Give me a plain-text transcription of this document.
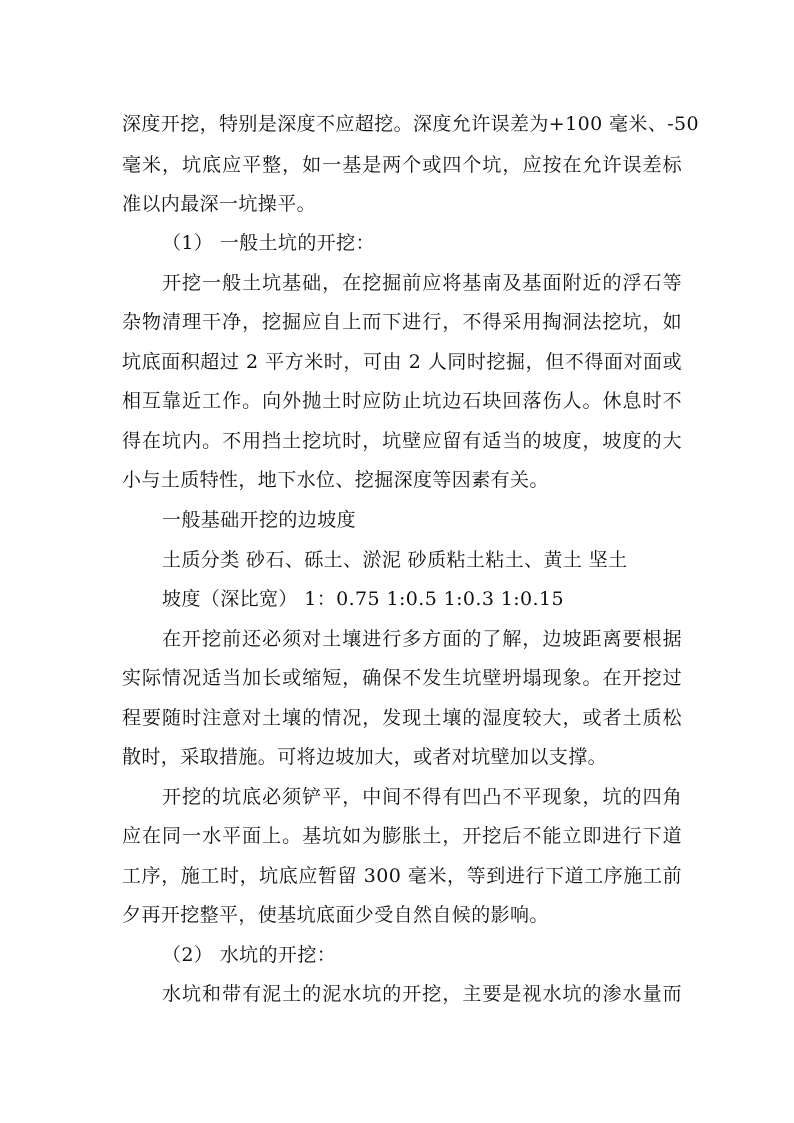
深度开挖，特别是深度不应超挖。深度允许误差为+100 毫米、-50
毫米，坑底应平整，如一基是两个或四个坑，应按在允许误差标
准以内最深一坑操平。
（1） 一般土坑的开挖：
开挖一般土坑基础，在挖掘前应将基南及基面附近的浮石等
杂物清理干净，挖掘应自上而下进行，不得采用掏洞法挖坑，如
坑底面积超过 2 平方米时，可由 2 人同时挖掘，但不得面对面或
相互靠近工作。向外抛土时应防止坑边石块回落伤人。休息时不
得在坑内。不用挡土挖坑时，坑壁应留有适当的坡度，坡度的大
小与土质特性，地下水位、挖掘深度等因素有关。
一般基础开挖的边坡度
土质分类 砂石、砾土、淤泥 砂质粘土粘土、黄土 坚土
坡度（深比宽） 1：0.75 1:0.5 1:0.3 1:0.15
在开挖前还必须对土壤进行多方面的了解，边坡距离要根据
实际情况适当加长或缩短，确保不发生坑壁坍塌现象。在开挖过
程要随时注意对土壤的情况，发现土壤的湿度较大，或者土质松
散时，采取措施。可将边坡加大，或者对坑壁加以支撑。
开挖的坑底必须铲平，中间不得有凹凸不平现象，坑的四角
应在同一水平面上。基坑如为膨胀土，开挖后不能立即进行下道
工序，施工时，坑底应暂留 300 毫米，等到进行下道工序施工前
夕再开挖整平，使基坑底面少受自然自候的影响。
（2） 水坑的开挖：
水坑和带有泥土的泥水坑的开挖，主要是视水坑的渗水量而
